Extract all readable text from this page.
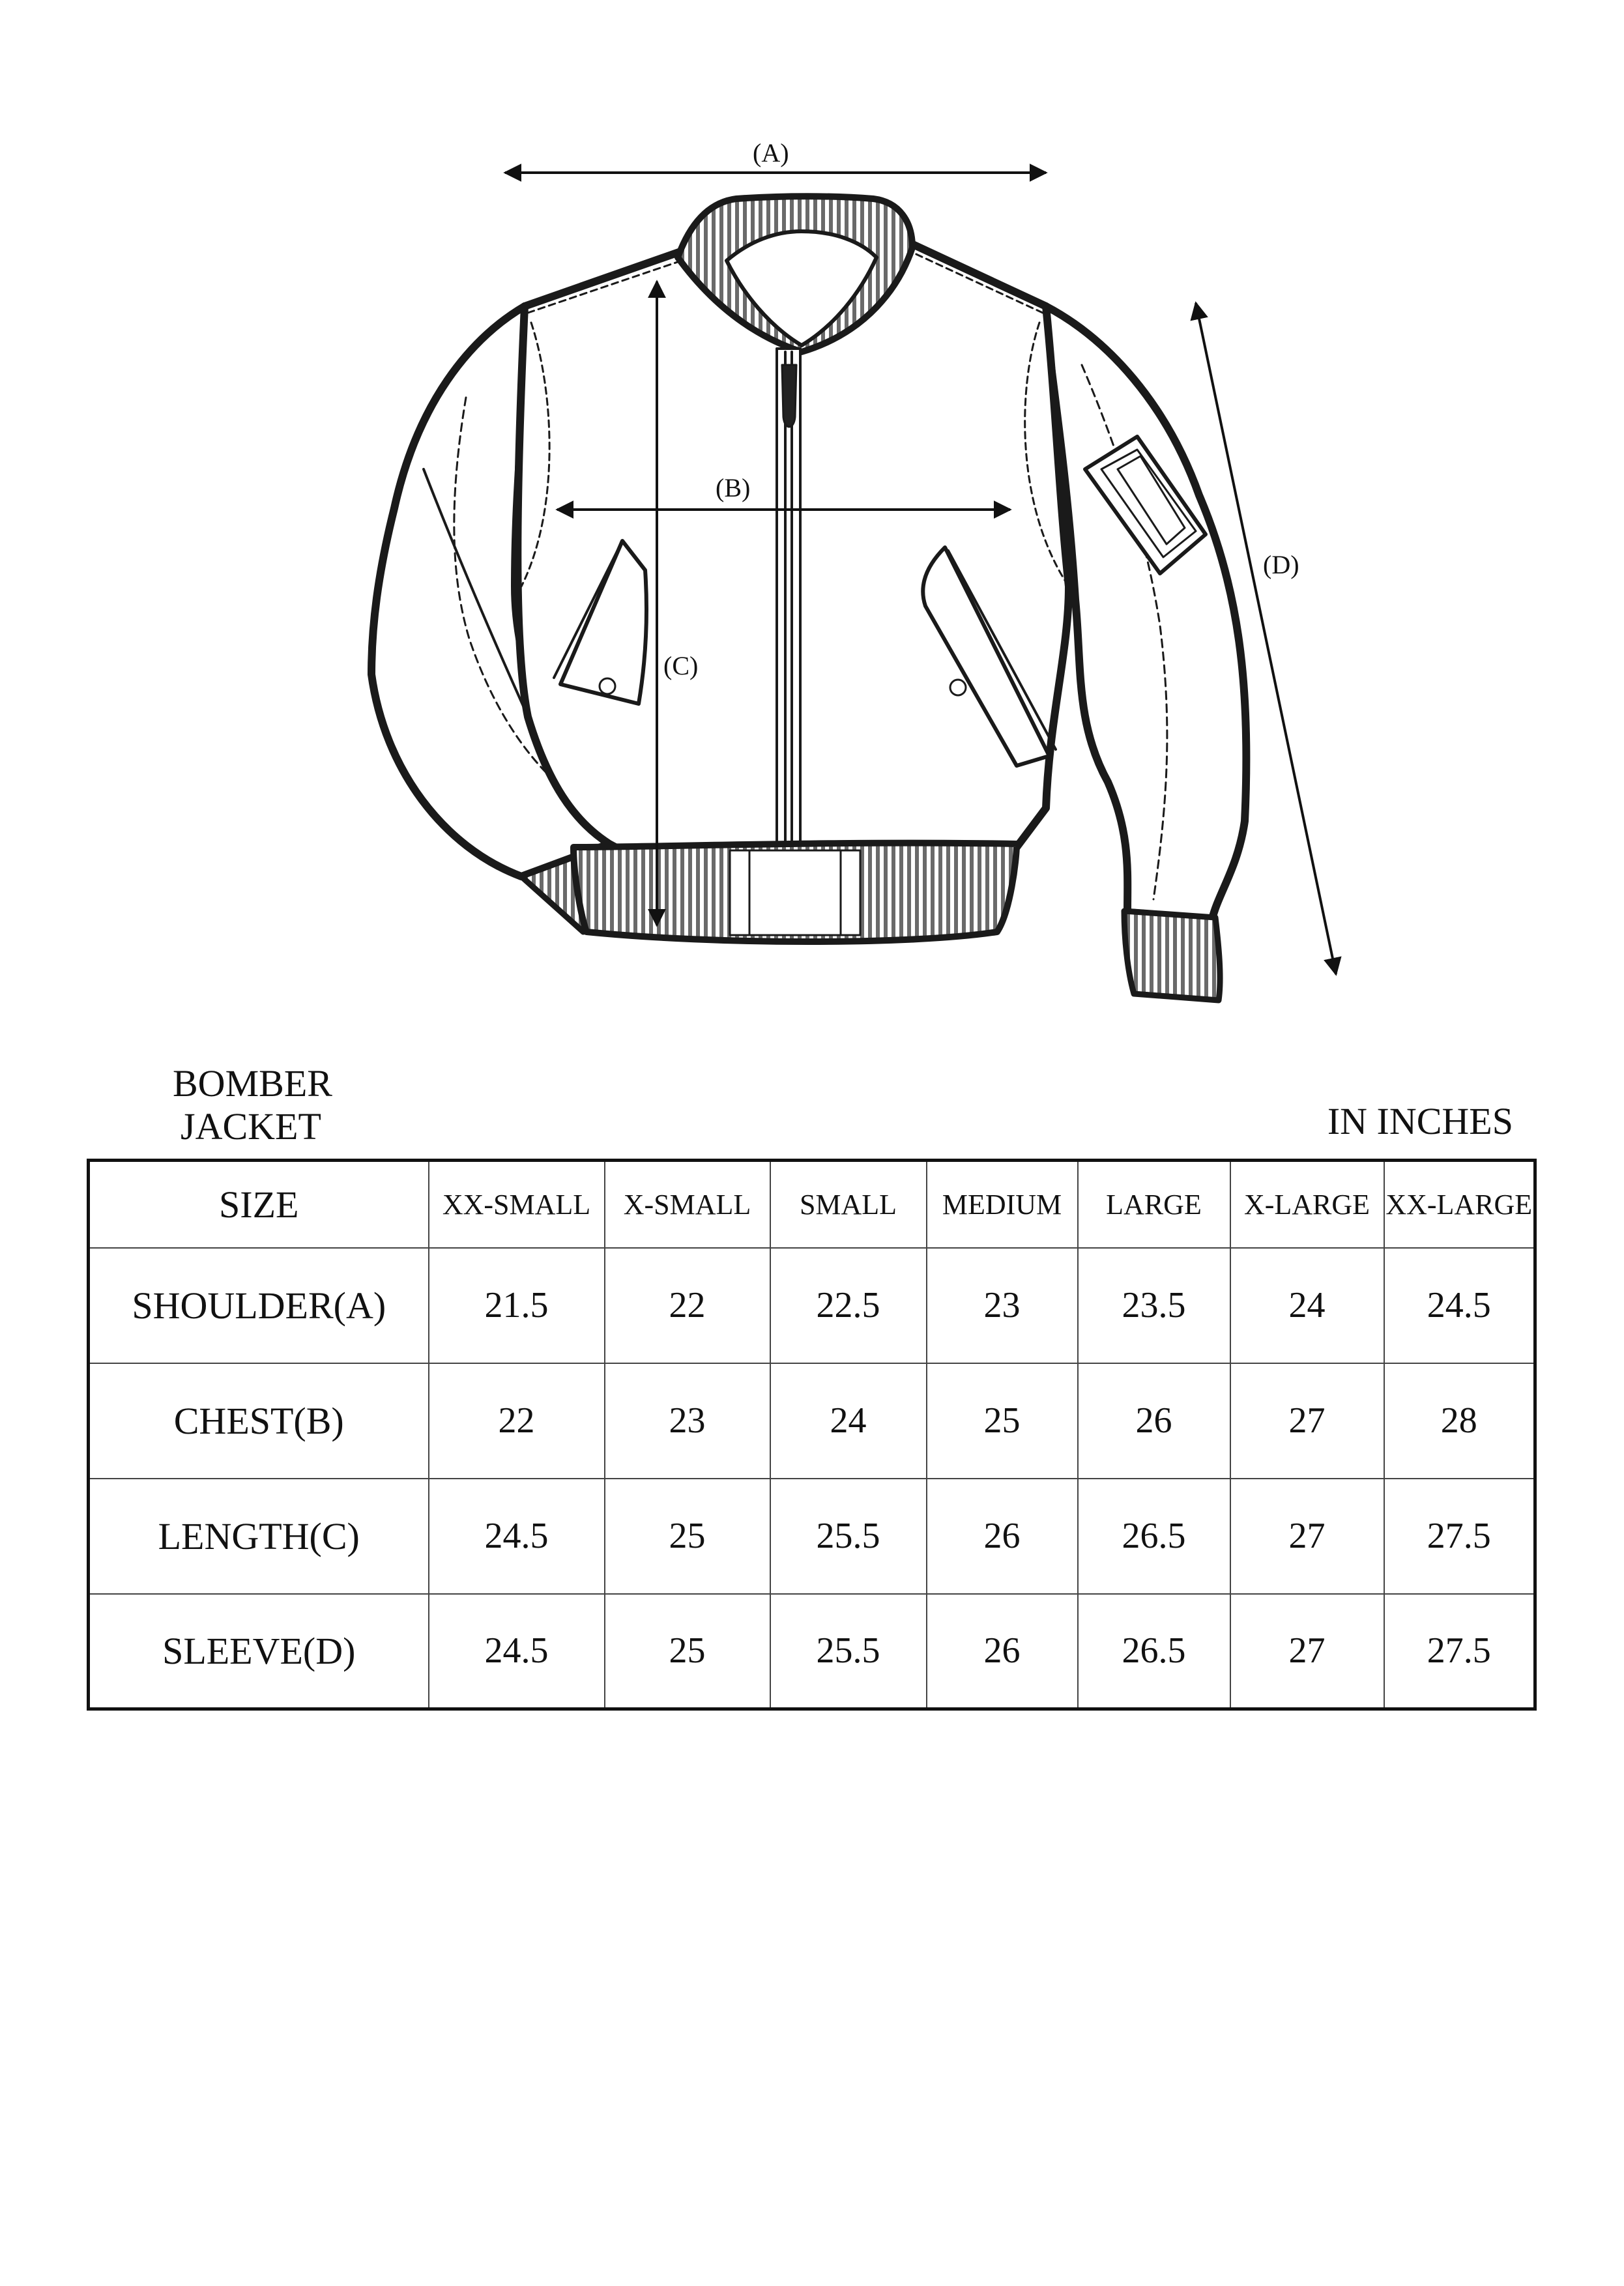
(A)
(B)
(C)
(D)
BOMBER
JACKET	IN INCHES
SIZE	XX-SMALL	X-SMALL	SMALL	MEDIUM	LARGE	X-LARGE	XX-LARGE
SHOULDER(A)	21.5	22	22.5	23	23.5	24	24.5
CHEST(B)	22	23	24	25	26	27	28
LENGTH(C)	24.5	25	25.5	26	26.5	27	27.5
SLEEVE(D)	24.5	25	25.5	26	26.5	27	27.5
